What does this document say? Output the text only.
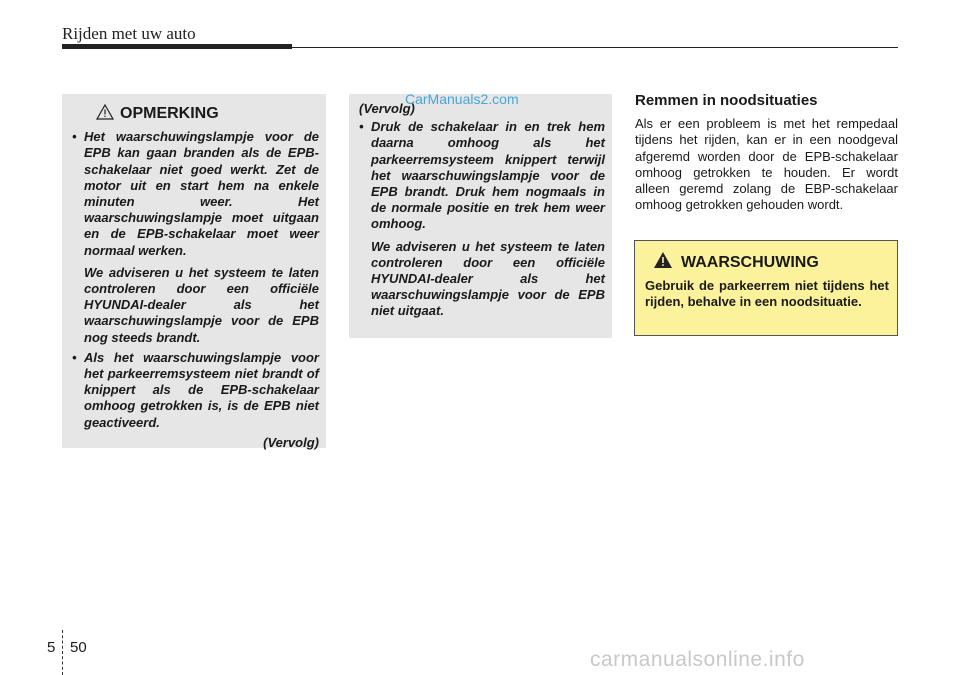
Rijden met uw auto
OPMERKING
• Het waarschuwingslampje voor de EPB kan gaan branden als de EPB-schakelaar niet goed werkt. Zet de motor uit en start hem na enkele minuten weer. Het waarschuwingslampje moet uitgaan en de EPB-schakelaar moet weer normaal werken.
We adviseren u het systeem te laten controleren door een officiële HYUNDAI-dealer als het waarschuwingslampje voor de EPB nog steeds brandt.
• Als het waarschuwingslampje voor het parkeerremsysteem niet brandt of knippert als de EPB-schakelaar omhoog getrokken is, is de EPB niet geactiveerd.
(Vervolg)
(Vervolg)
• Druk de schakelaar in en trek hem daarna omhoog als het parkeerremsysteem knippert terwijl het waarschuwingslampje voor de EPB brandt. Druk hem nogmaals in de normale positie en trek hem weer omhoog.
We adviseren u het systeem te laten controleren door een officiële HYUNDAI-dealer als het waarschuwingslampje voor de EPB niet uitgaat.
CarManuals2.com	Remmen in noodsituaties
Als er een probleem is met het rempedaal tijdens het rijden, kan er in een noodgeval afgeremd worden door de EPB-schakelaar omhoog getrokken te houden. Er wordt alleen geremd zolang de EBP-schakelaar omhoog getrokken gehouden wordt.
WAARSCHUWING
Gebruik de parkeerrem niet tijdens het rijden, behalve in een noodsituatie.
5 50
carmanualsonline.info
